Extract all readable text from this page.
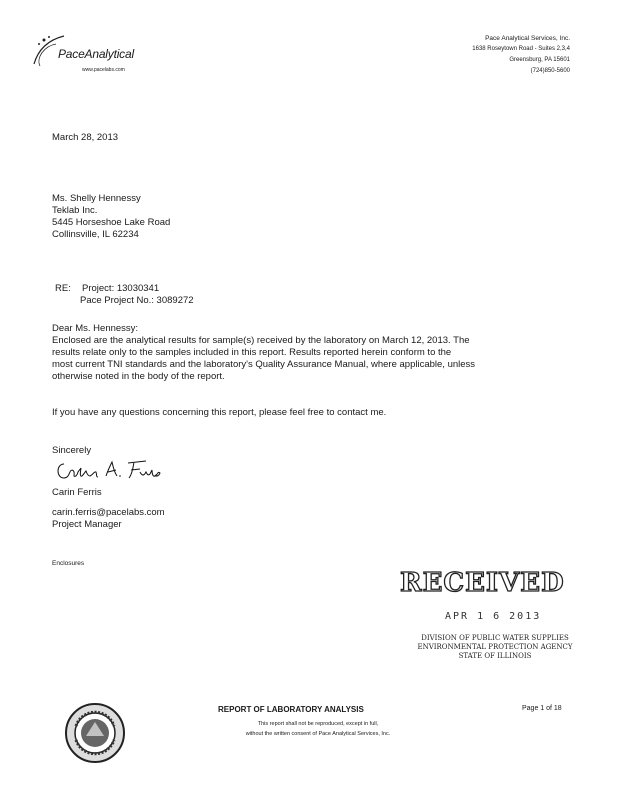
PaceAnalytical
www.pacelabs.com
Pace Analytical Services, Inc.
1638 Roseytown Road - Suites 2,3,4
Greensburg, PA 15601
(724)850-5600
March 28, 2013
Ms. Shelly Hennessy
Teklab Inc.
5445 Horseshoe Lake Road
Collinsville, IL 62234
RE: Project: 13030341
Pace Project No.: 3089272
Dear Ms. Hennessy:
Enclosed are the analytical results for sample(s) received by the laboratory on March 12, 2013. The
results relate only to the samples included in this report. Results reported herein conform to the
most current TNI standards and the laboratory's Quality Assurance Manual, where applicable, unless
otherwise noted in the body of the report.
If you have any questions concerning this report, please feel free to contact me.
Sincerely
Carin Ferris
carin.ferris@pacelabs.com
Project Manager
Enclosures
RECEIVED
APR 1 6 2013
DIVISION OF PUBLIC WATER SUPPLIES
ENVIRONMENTAL PROTECTION AGENCY
STATE OF ILLINOIS
REPORT OF LABORATORY ANALYSIS	Page 1 of 18
This report shall not be reproduced, except in full,
without the written consent of Pace Analytical Services, Inc.
